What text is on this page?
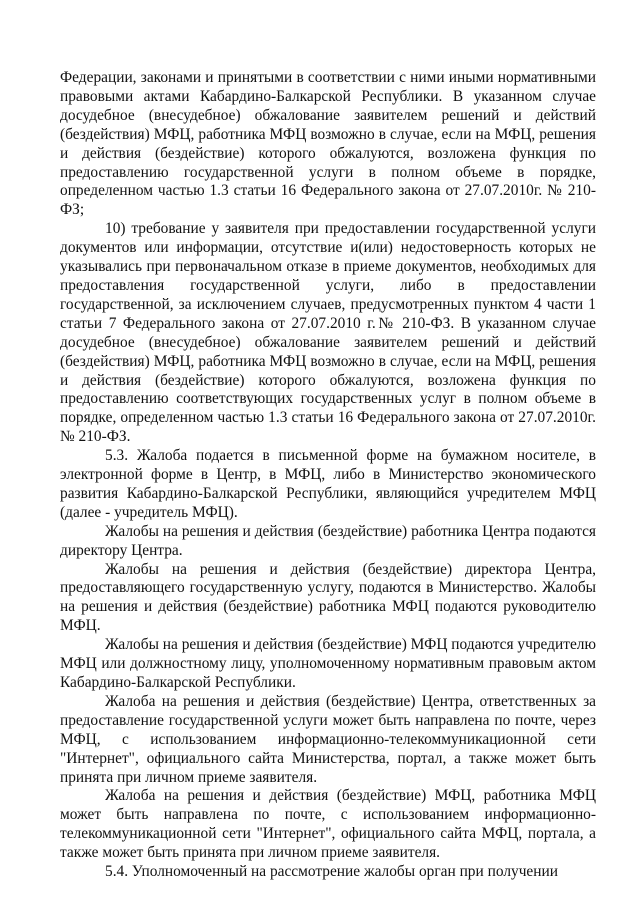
Федерации, законами и принятыми в соответствии с ними иными нормативными правовыми актами Кабардино-Балкарской Республики. В указанном случае досудебное (внесудебное) обжалование заявителем решений и действий (бездействия) МФЦ, работника МФЦ возможно в случае, если на МФЦ, решения и действия (бездействие) которого обжалуются, возложена функция по предоставлению государственной услуги в полном объеме в порядке, определенном частью 1.3 статьи 16 Федерального закона от 27.07.2010г. № 210-ФЗ;

10) требование у заявителя при предоставлении государственной услуги документов или информации, отсутствие и(или) недостоверность которых не указывались при первоначальном отказе в приеме документов, необходимых для предоставления государственной услуги, либо в предоставлении государственной, за исключением случаев, предусмотренных пунктом 4 части 1 статьи 7 Федерального закона от 27.07.2010 г.№ 210-ФЗ. В указанном случае досудебное (внесудебное) обжалование заявителем решений и действий (бездействия) МФЦ, работника МФЦ возможно в случае, если на МФЦ, решения и действия (бездействие) которого обжалуются, возложена функция по предоставлению соответствующих государственных услуг в полном объеме в порядке, определенном частью 1.3 статьи 16 Федерального закона от 27.07.2010г. № 210-ФЗ.

5.3. Жалоба подается в письменной форме на бумажном носителе, в электронной форме в Центр, в МФЦ, либо в Министерство экономического развития Кабардино-Балкарской Республики, являющийся учредителем МФЦ (далее - учредитель МФЦ).

Жалобы на решения и действия (бездействие) работника Центра подаются директору Центра.

Жалобы на решения и действия (бездействие) директора Центра, предоставляющего государственную услугу, подаются в Министерство. Жалобы на решения и действия (бездействие) работника МФЦ подаются руководителю МФЦ.

Жалобы на решения и действия (бездействие) МФЦ подаются учредителю МФЦ или должностному лицу, уполномоченному нормативным правовым актом Кабардино-Балкарской Республики.

Жалоба на решения и действия (бездействие) Центра, ответственных за предоставление государственной услуги может быть направлена по почте, через МФЦ, с использованием информационно-телекоммуникационной сети "Интернет", официального сайта Министерства, портал, а также может быть принята при личном приеме заявителя.

Жалоба на решения и действия (бездействие) МФЦ, работника МФЦ может быть направлена по почте, с использованием информационно-телекоммуникационной сети "Интернет", официального сайта МФЦ, портала, а также может быть принята при личном приеме заявителя.

5.4. Уполномоченный на рассмотрение жалобы орган при получении
